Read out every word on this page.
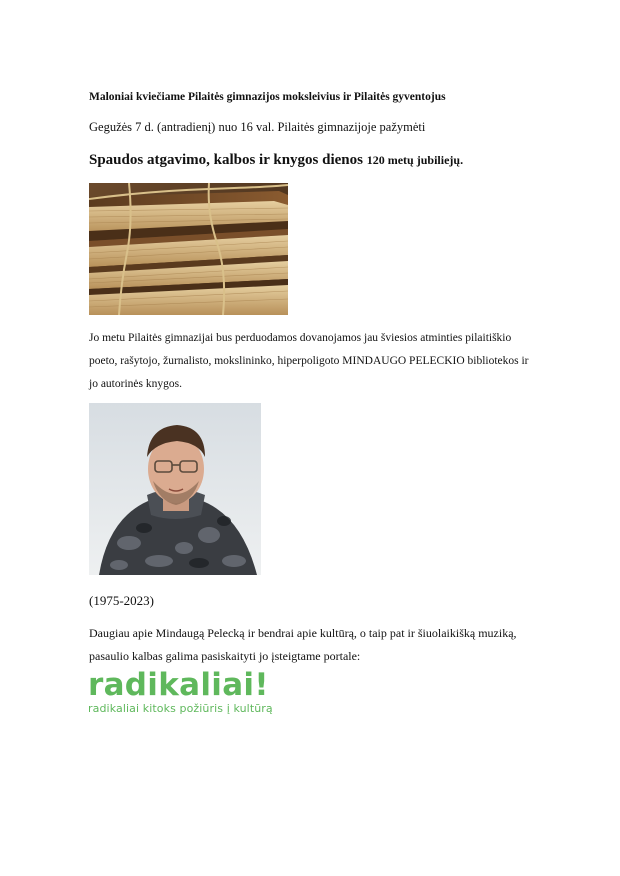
Maloniai kviečiame Pilaitės gimnazijos moksleivius ir Pilaitės gyventojus
Gegužės 7 d. (antradienį) nuo 16 val. Pilaitės gimnazijoje pažymėti
Spaudos atgavimo, kalbos ir knygos dienos 120 metų jubiliejų.
Jo metu Pilaitės gimnazijai bus perduodamos dovanojamos jau šviesios atminties pilaitiškio
poeto, rašytojo, žurnalisto, mokslininko, hiperpoligoto MINDAUGO PELECKIO bibliotekos ir
jo autorinės knygos.
(1975-2023)
Daugiau apie Mindaugą Pelecką ir bendrai apie kultūrą, o taip pat ir šiuolaikišką muziką,
pasaulio kalbas galima pasiskaityti jo įsteigtame portale:
radikaliai!
radikaliai kitoks požiūris į kultūrą
